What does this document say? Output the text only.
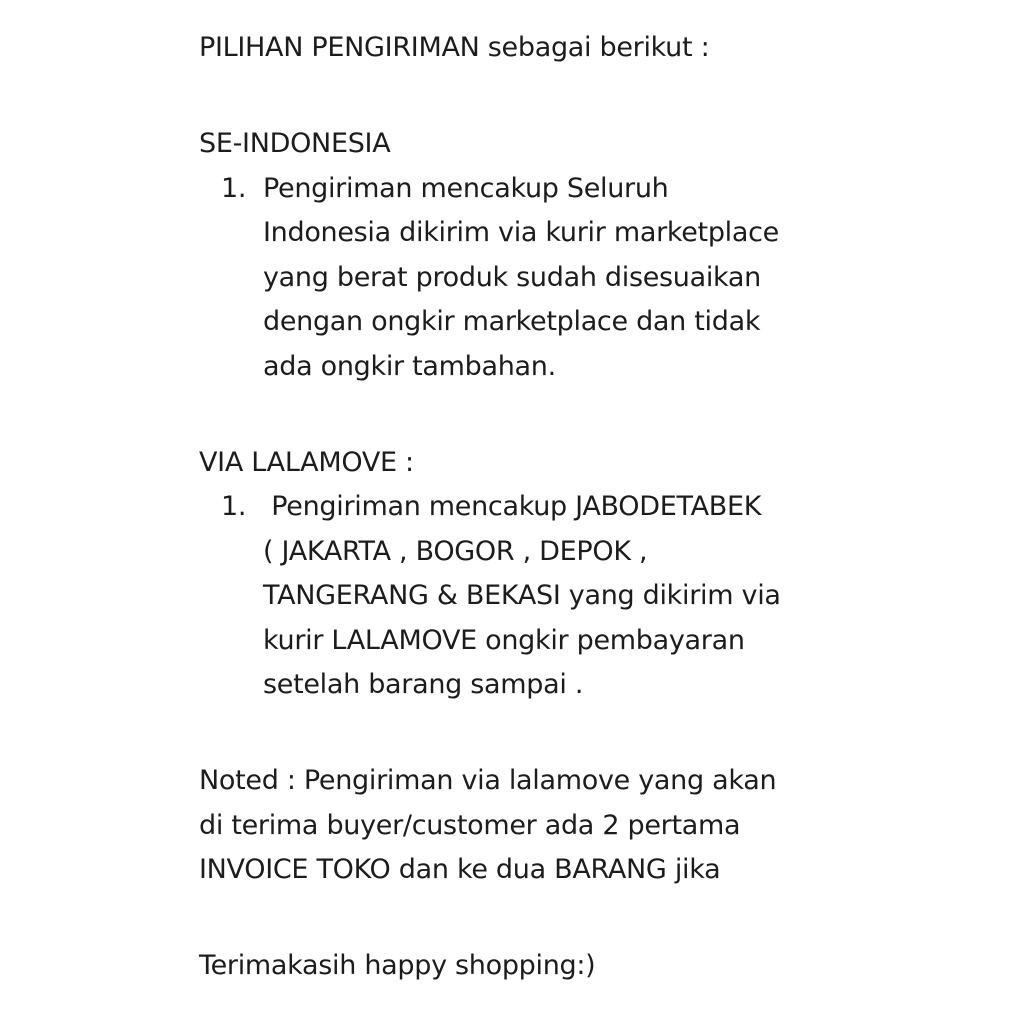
PILIHAN PENGIRIMAN sebagai berikut :
SE-INDONESIA
1. Pengiriman mencakup Seluruh
Indonesia dikirim via kurir marketplace
yang berat produk sudah disesuaikan
dengan ongkir marketplace dan tidak
ada ongkir tambahan.
VIA LALAMOVE :
1. Pengiriman mencakup JABODETABEK
( JAKARTA , BOGOR , DEPOK ,
TANGERANG & BEKASI yang dikirim via
kurir LALAMOVE ongkir pembayaran
setelah barang sampai .
Noted : Pengiriman via lalamove yang akan
di terima buyer/customer ada 2 pertama
INVOICE TOKO dan ke dua BARANG jika
Terimakasih happy shopping:)
